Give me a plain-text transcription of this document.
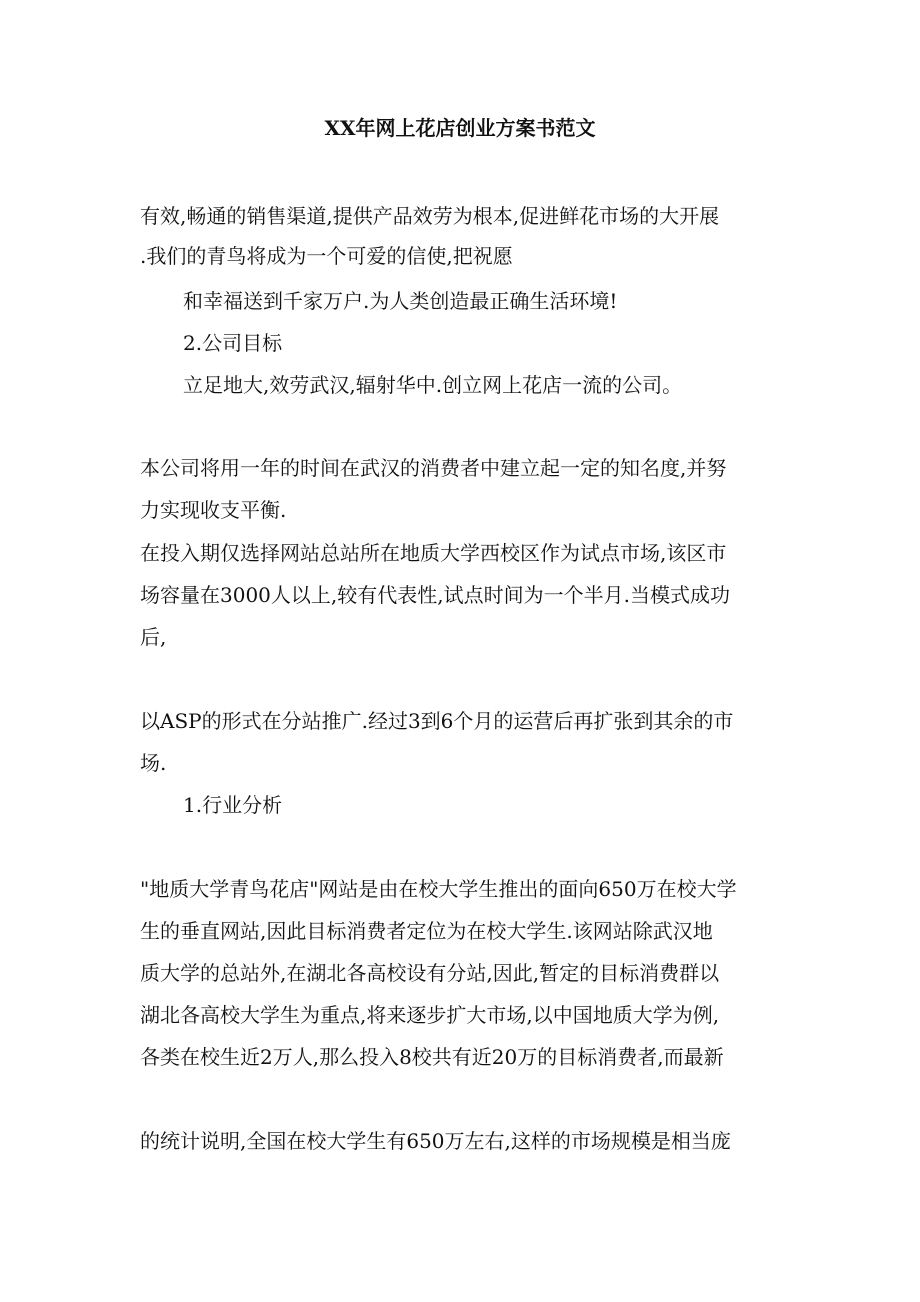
XX年网上花店创业方案书范文
有效,畅通的销售渠道,提供产品效劳为根本,促进鲜花市场的大开展
.我们的青鸟将成为一个可爱的信使,把祝愿
和幸福送到千家万户.为人类创造最正确生活环境!
2.公司目标
立足地大,效劳武汉,辐射华中.创立网上花店一流的公司。
本公司将用一年的时间在武汉的消费者中建立起一定的知名度,并努
力实现收支平衡.
在投入期仅选择网站总站所在地质大学西校区作为试点市场,该区市
场容量在3000人以上,较有代表性,试点时间为一个半月.当模式成功
后,
以ASP的形式在分站推广.经过3到6个月的运营后再扩张到其余的市
场.
1.行业分析
"地质大学青鸟花店"网站是由在校大学生推出的面向650万在校大学
生的垂直网站,因此目标消费者定位为在校大学生.该网站除武汉地
质大学的总站外,在湖北各高校设有分站,因此,暂定的目标消费群以
湖北各高校大学生为重点,将来逐步扩大市场,以中国地质大学为例,
各类在校生近2万人,那么投入8校共有近20万的目标消费者,而最新
的统计说明,全国在校大学生有650万左右,这样的市场规模是相当庞
